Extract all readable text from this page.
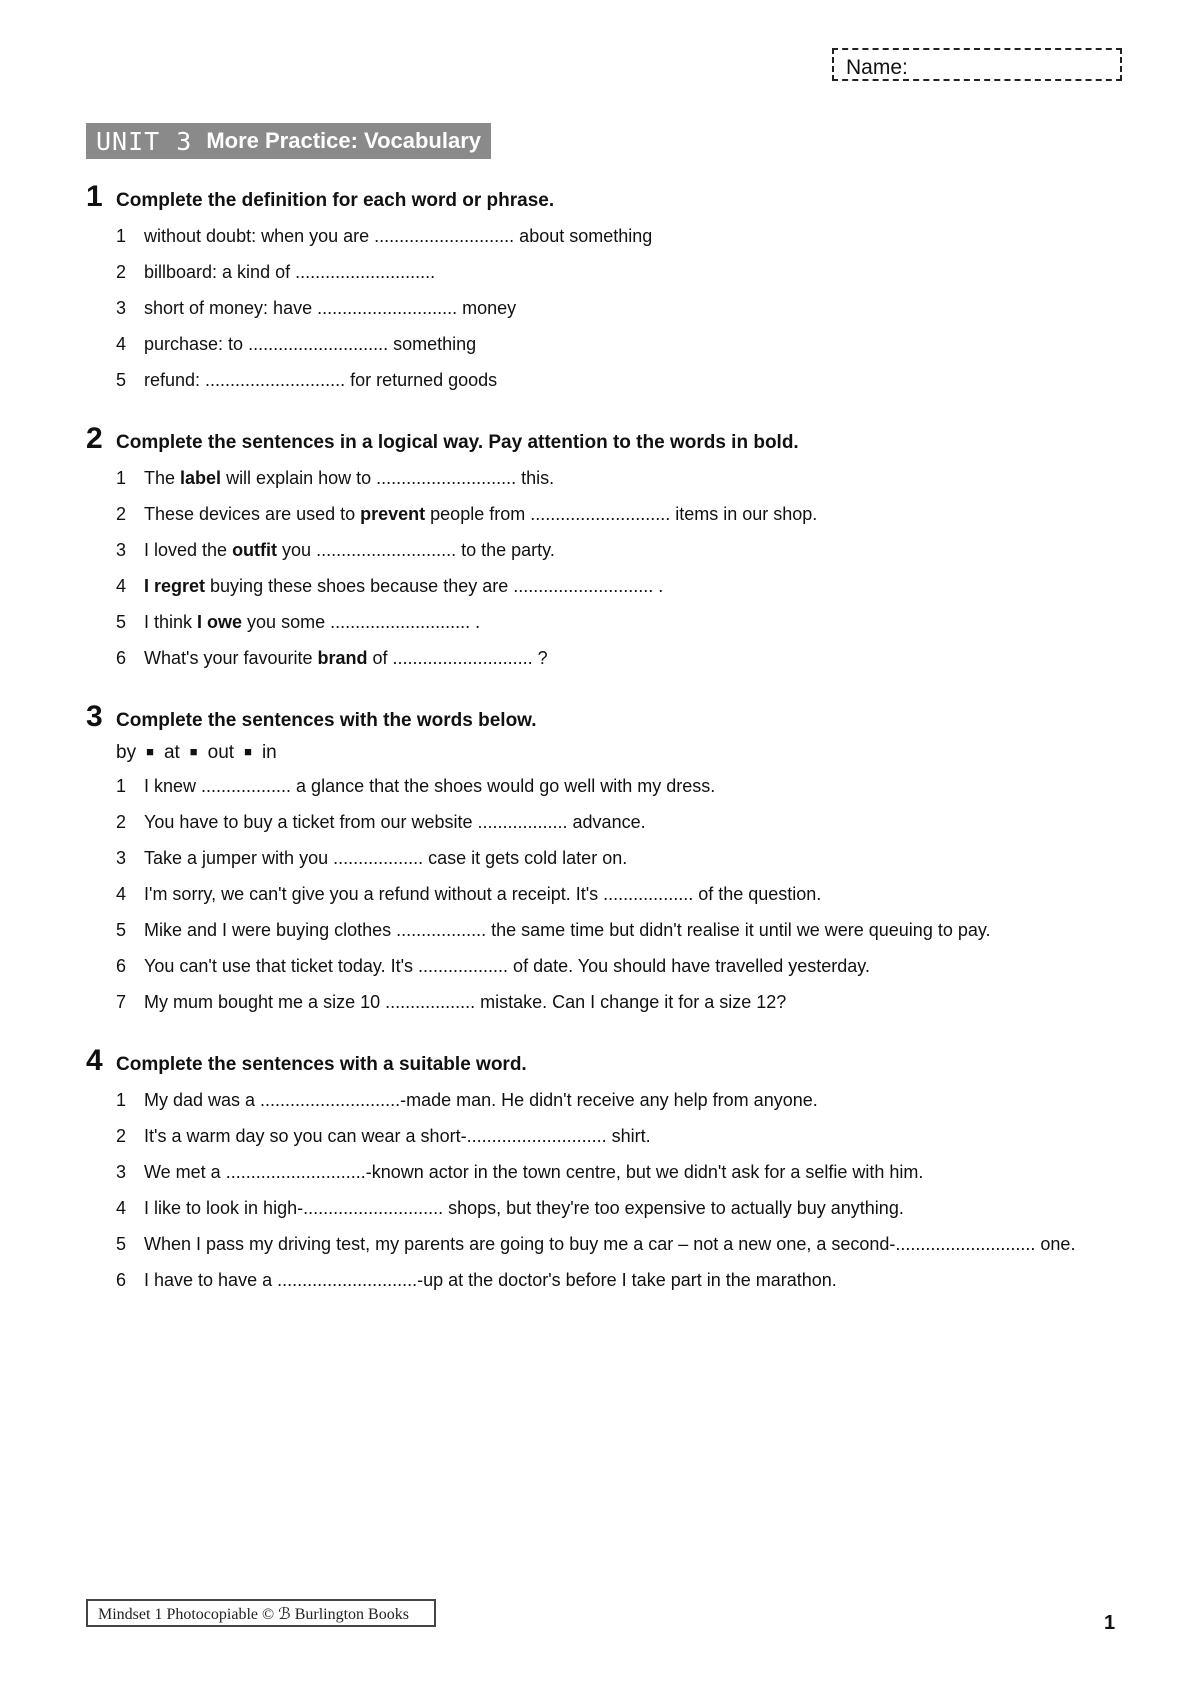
Name:
UNIT 3 More Practice: Vocabulary
1 Complete the definition for each word or phrase.
1 without doubt: when you are ............................ about something
2 billboard: a kind of ............................
3 short of money: have ............................ money
4 purchase: to ............................ something
5 refund: ............................ for returned goods
2 Complete the sentences in a logical way. Pay attention to the words in bold.
1 The label will explain how to ............................ this.
2 These devices are used to prevent people from ............................ items in our shop.
3 I loved the outfit you ............................ to the party.
4 I regret buying these shoes because they are ............................ .
5 I think I owe you some ............................ .
6 What's your favourite brand of ............................ ?
3 Complete the sentences with the words below.
by ■ at ■ out ■ in
1 I knew .................. a glance that the shoes would go well with my dress.
2 You have to buy a ticket from our website .................. advance.
3 Take a jumper with you .................. case it gets cold later on.
4 I'm sorry, we can't give you a refund without a receipt. It's .................. of the question.
5 Mike and I were buying clothes .................. the same time but didn't realise it until we were queuing to pay.
6 You can't use that ticket today. It's .................. of date. You should have travelled yesterday.
7 My mum bought me a size 10 .................. mistake. Can I change it for a size 12?
4 Complete the sentences with a suitable word.
1 My dad was a ............................-made man. He didn't receive any help from anyone.
2 It's a warm day so you can wear a short-............................ shirt.
3 We met a ............................-known actor in the town centre, but we didn't ask for a selfie with him.
4 I like to look in high-............................ shops, but they're too expensive to actually buy anything.
5 When I pass my driving test, my parents are going to buy me a car – not a new one, a second-............................ one.
6 I have to have a ............................-up at the doctor's before I take part in the marathon.
Mindset 1 Photocopiable © ℬ Burlington Books	1
